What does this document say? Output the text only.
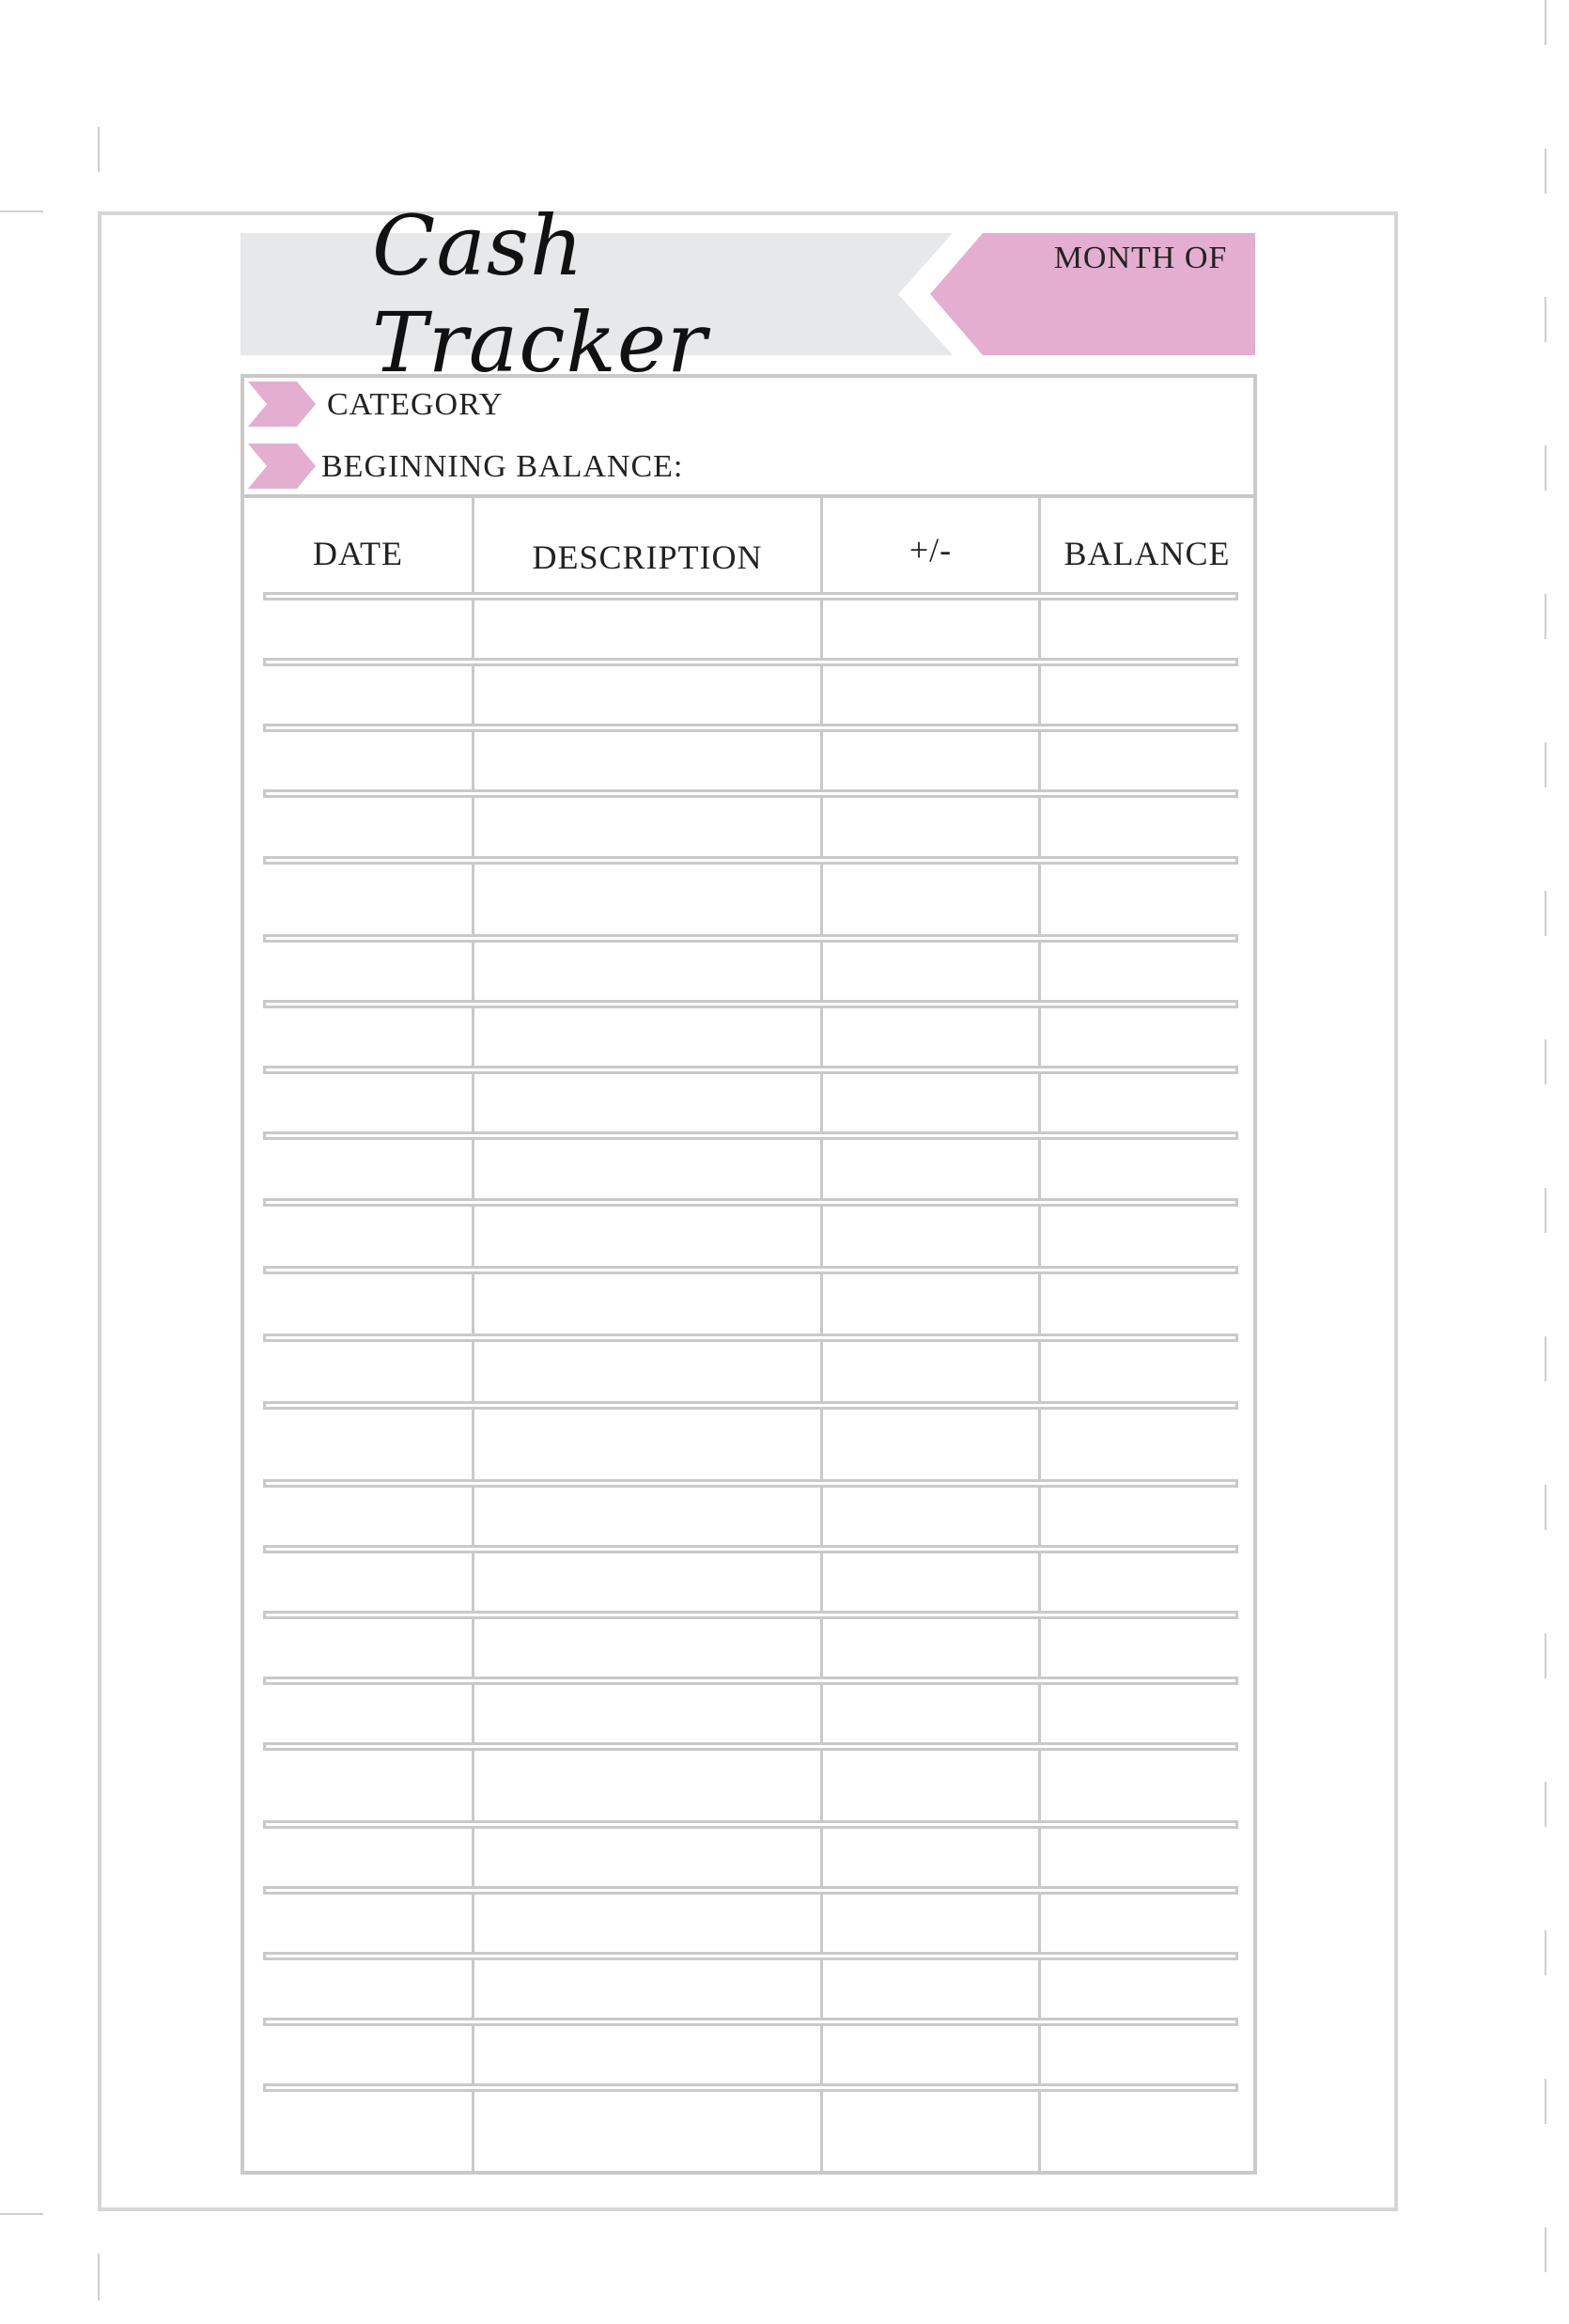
Cash Tracker
MONTH OF
CATEGORY
BEGINNING BALANCE:
DATE	DESCRIPTION	+/-	BALANCE
